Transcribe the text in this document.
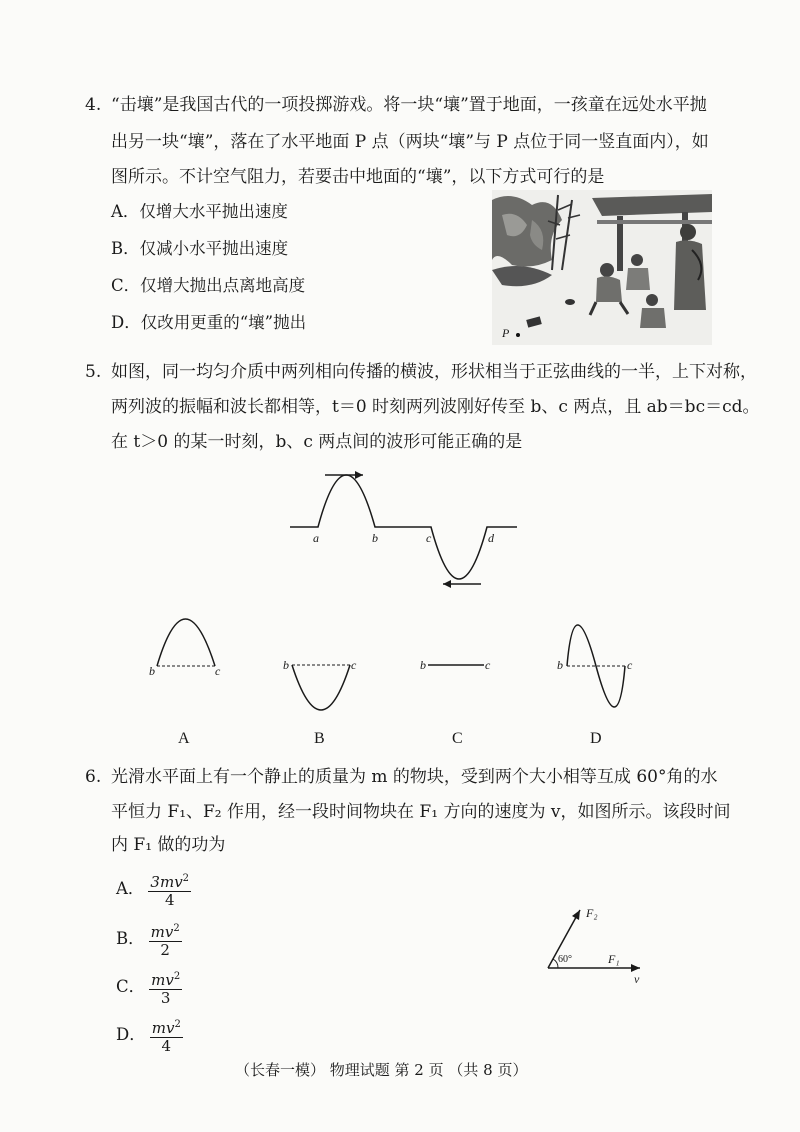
4. “击壤”是我国古代的一项投掷游戏。将一块“壤”置于地面，一孩童在远处水平抛
出另一块“壤”，落在了水平地面 P 点（两块“壤”与 P 点位于同一竖直面内），如
图所示。不计空气阻力，若要击中地面的“壤”，以下方式可行的是
A．仅增大水平抛出速度
B．仅减小水平抛出速度
C．仅增大抛出点离地高度
D．仅改用更重的“壤”抛出
P
5. 如图，同一均匀介质中两列相向传播的横波，形状相当于正弦曲线的一半，上下对称，
两列波的振幅和波长都相等，t＝0 时刻两列波刚好传至 b、c 两点，且 ab＝bc＝cd。
在 t＞0 的某一时刻，b、c 两点间的波形可能正确的是
a	b	c	d
b	c	b	c	b	c	b	c
A	B	C	D
6. 光滑水平面上有一个静止的质量为 m 的物块，受到两个大小相等互成 60°角的水
平恒力 F₁、F₂ 作用，经一段时间物块在 F₁ 方向的速度为 v，如图所示。该段时间
内 F₁ 做的功为
A． $\frac{3mv^2}{4}$
B． $\frac{mv^2}{2}$
C． $\frac{mv^2}{3}$
D． $\frac{mv^2}{4}$
F₂
F₁
60°
v
（长春一模） 物理试题 第 2 页 （共 8 页）
